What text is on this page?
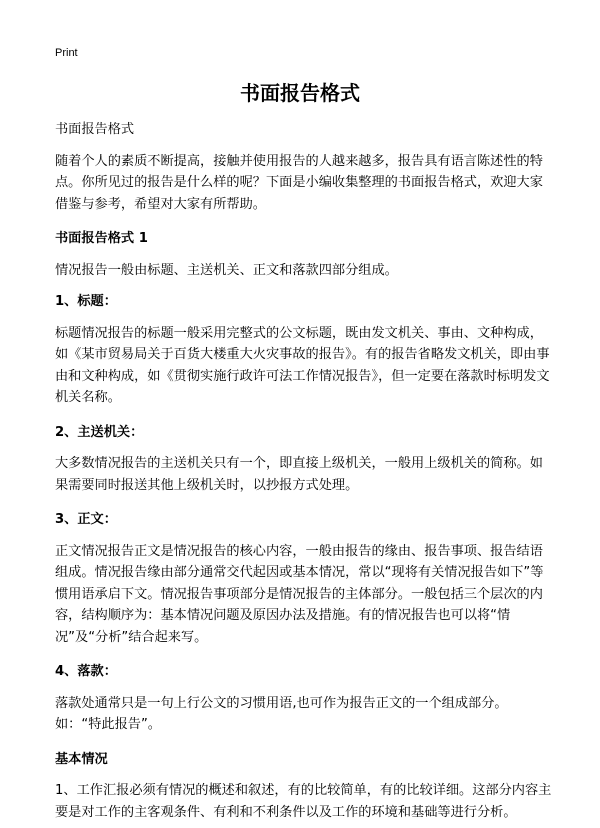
Print
书面报告格式

书面报告格式

随着个人的素质不断提高，接触并使用报告的人越来越多，报告具有语言陈述性的特点。你所见过的报告是什么样的呢？下面是小编收集整理的书面报告格式，欢迎大家借鉴与参考，希望对大家有所帮助。

书面报告格式 1

情况报告一般由标题、主送机关、正文和落款四部分组成。

1、标题：

标题情况报告的标题一般采用完整式的公文标题，既由发文机关、事由、文种构成，如《某市贸易局关于百货大楼重大火灾事故的报告》。有的报告省略发文机关，即由事由和文种构成，如《贯彻实施行政许可法工作情况报告》，但一定要在落款时标明发文机关名称。

2、主送机关：

大多数情况报告的主送机关只有一个，即直接上级机关，一般用上级机关的简称。如果需要同时报送其他上级机关时，以抄报方式处理。

3、正文：

正文情况报告正文是情况报告的核心内容，一般由报告的缘由、报告事项、报告结语组成。情况报告缘由部分通常交代起因或基本情况，常以“现将有关情况报告如下”等惯用语承启下文。情况报告事项部分是情况报告的主体部分。一般包括三个层次的内容，结构顺序为：基本情况问题及原因办法及措施。有的情况报告也可以将“情况”及“分析”结合起来写。

4、落款：

落款处通常只是一句上行公文的习惯用语,也可作为报告正文的一个组成部分。如：“特此报告”。

基本情况

1、工作汇报必须有情况的概述和叙述，有的比较简单，有的比较详细。这部分内容主要是对工作的主客观条件、有利和不利条件以及工作的环境和基础等进行分析。
